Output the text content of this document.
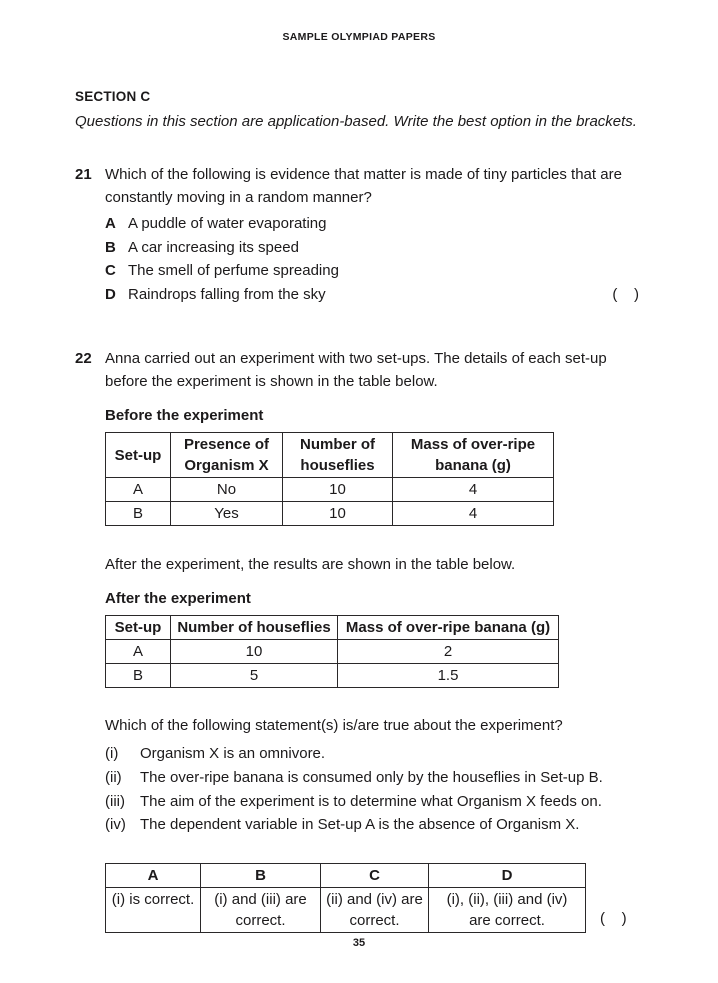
SAMPLE OLYMPIAD PAPERS
SECTION C
Questions in this section are application-based. Write the best option in the brackets.
21 Which of the following is evidence that matter is made of tiny particles that are constantly moving in a random manner?
A A puddle of water evaporating
B A car increasing its speed
C The smell of perfume spreading
D Raindrops falling from the sky	(    )
22 Anna carried out an experiment with two set-ups. The details of each set-up before the experiment is shown in the table below.
Before the experiment
Set-up	Presence of Organism X	Number of houseflies	Mass of over-ripe banana (g)
A	No	10	4
B	Yes	10	4
After the experiment, the results are shown in the table below.
After the experiment
Set-up	Number of houseflies	Mass of over-ripe banana (g)
A	10	2
B	5	1.5
Which of the following statement(s) is/are true about the experiment?
(i)	Organism X is an omnivore.
(ii)	The over-ripe banana is consumed only by the houseflies in Set-up B.
(iii)	The aim of the experiment is to determine what Organism X feeds on.
(iv) The dependent variable in Set-up A is the absence of Organism X.
A	B	C	D
(i) is correct.	(i) and (iii) are correct.	(ii) and (iv) are correct.	(i), (ii), (iii) and (iv) are correct.	(    )
35
